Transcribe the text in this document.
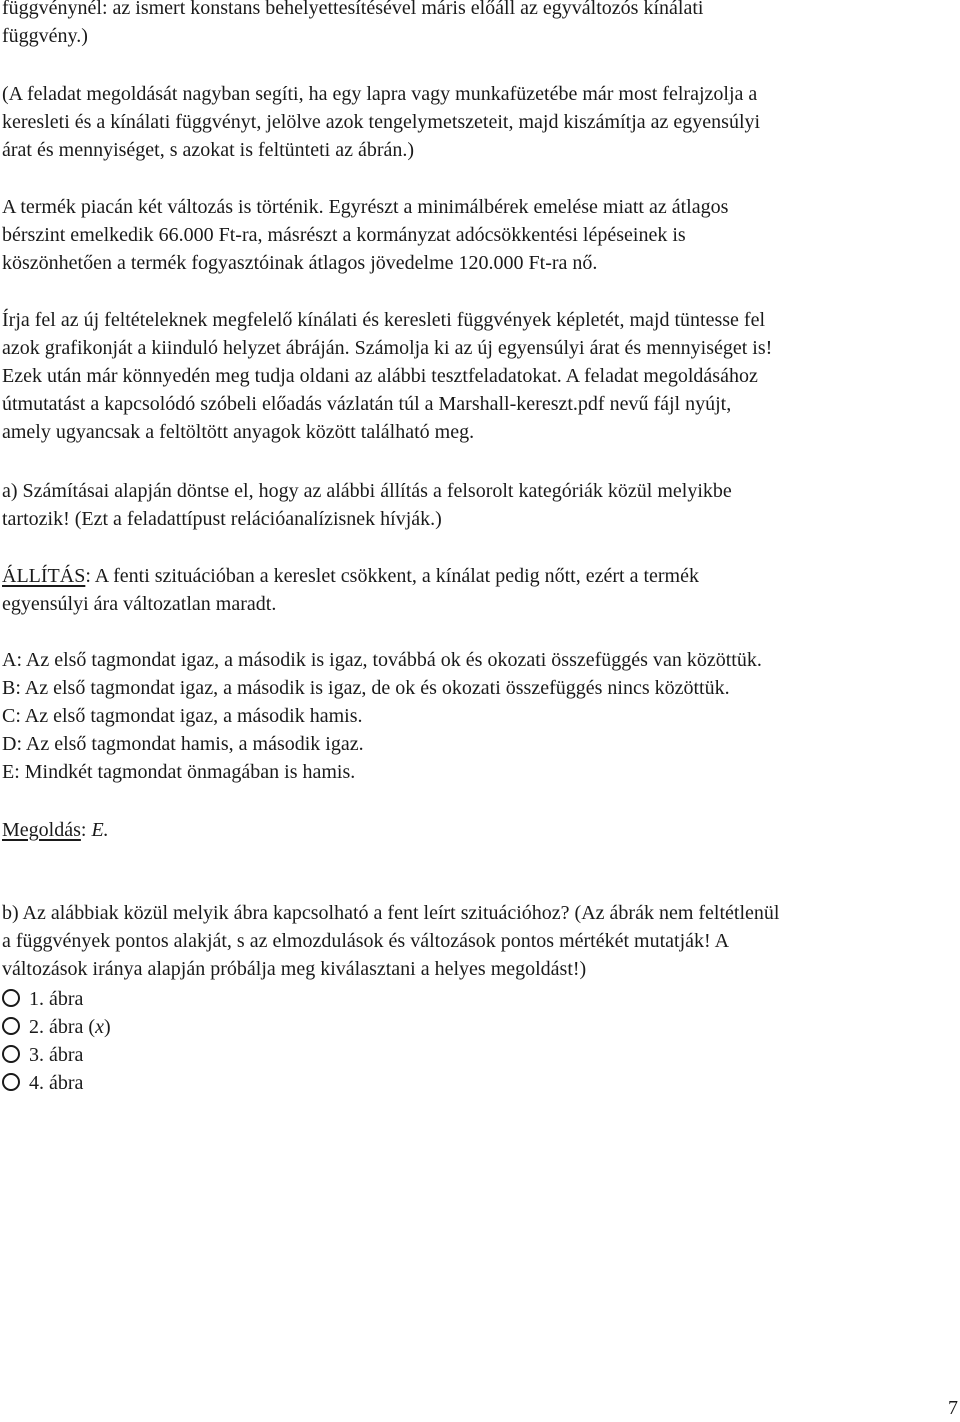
függvénynél: az ismert konstans behelyettesítésével máris előáll az egyváltozós kínálati
függvény.)

(A feladat megoldását nagyban segíti, ha egy lapra vagy munkafüzetébe már most felrajzolja a
keresleti és a kínálati függvényt, jelölve azok tengelymetszeteit, majd kiszámítja az egyensúlyi
árat és mennyiséget, s azokat is feltünteti az ábrán.)

A termék piacán két változás is történik. Egyrészt a minimálbérek emelése miatt az átlagos
bérszint emelkedik 66.000 Ft-ra, másrészt a kormányzat adócsökkentési lépéseinek is
köszönhetően a termék fogyasztóinak átlagos jövedelme 120.000 Ft-ra nő.

Írja fel az új feltételeknek megfelelő kínálati és keresleti függvények képletét, majd tüntesse fel
azok grafikonját a kiinduló helyzet ábráján. Számolja ki az új egyensúlyi árat és mennyiséget is!
Ezek után már könnyedén meg tudja oldani az alábbi tesztfeladatokat. A feladat megoldásához
útmutatást a kapcsolódó szóbeli előadás vázlatán túl a Marshall-kereszt.pdf nevű fájl nyújt,
amely ugyancsak a feltöltött anyagok között található meg.

a) Számításai alapján döntse el, hogy az alábbi állítás a felsorolt kategóriák közül melyikbe
tartozik! (Ezt a feladattípust relációanalízisnek hívják.)

ÁLLÍTÁS: A fenti szituációban a kereslet csökkent, a kínálat pedig nőtt, ezért a termék
egyensúlyi ára változatlan maradt.

A: Az első tagmondat igaz, a második is igaz, továbbá ok és okozati összefüggés van közöttük.
B: Az első tagmondat igaz, a második is igaz, de ok és okozati összefüggés nincs közöttük.
C: Az első tagmondat igaz, a második hamis.
D: Az első tagmondat hamis, a második igaz.
E: Mindkét tagmondat önmagában is hamis.

Megoldás: E.

b) Az alábbiak közül melyik ábra kapcsolható a fent leírt szituációhoz? (Az ábrák nem feltétlenül
a függvények pontos alakját, s az elmozdulások és változások pontos mértékét mutatják! A
változások iránya alapján próbálja meg kiválasztani a helyes megoldást!)

1. ábra
2. ábra (x)
3. ábra
4. ábra
7
